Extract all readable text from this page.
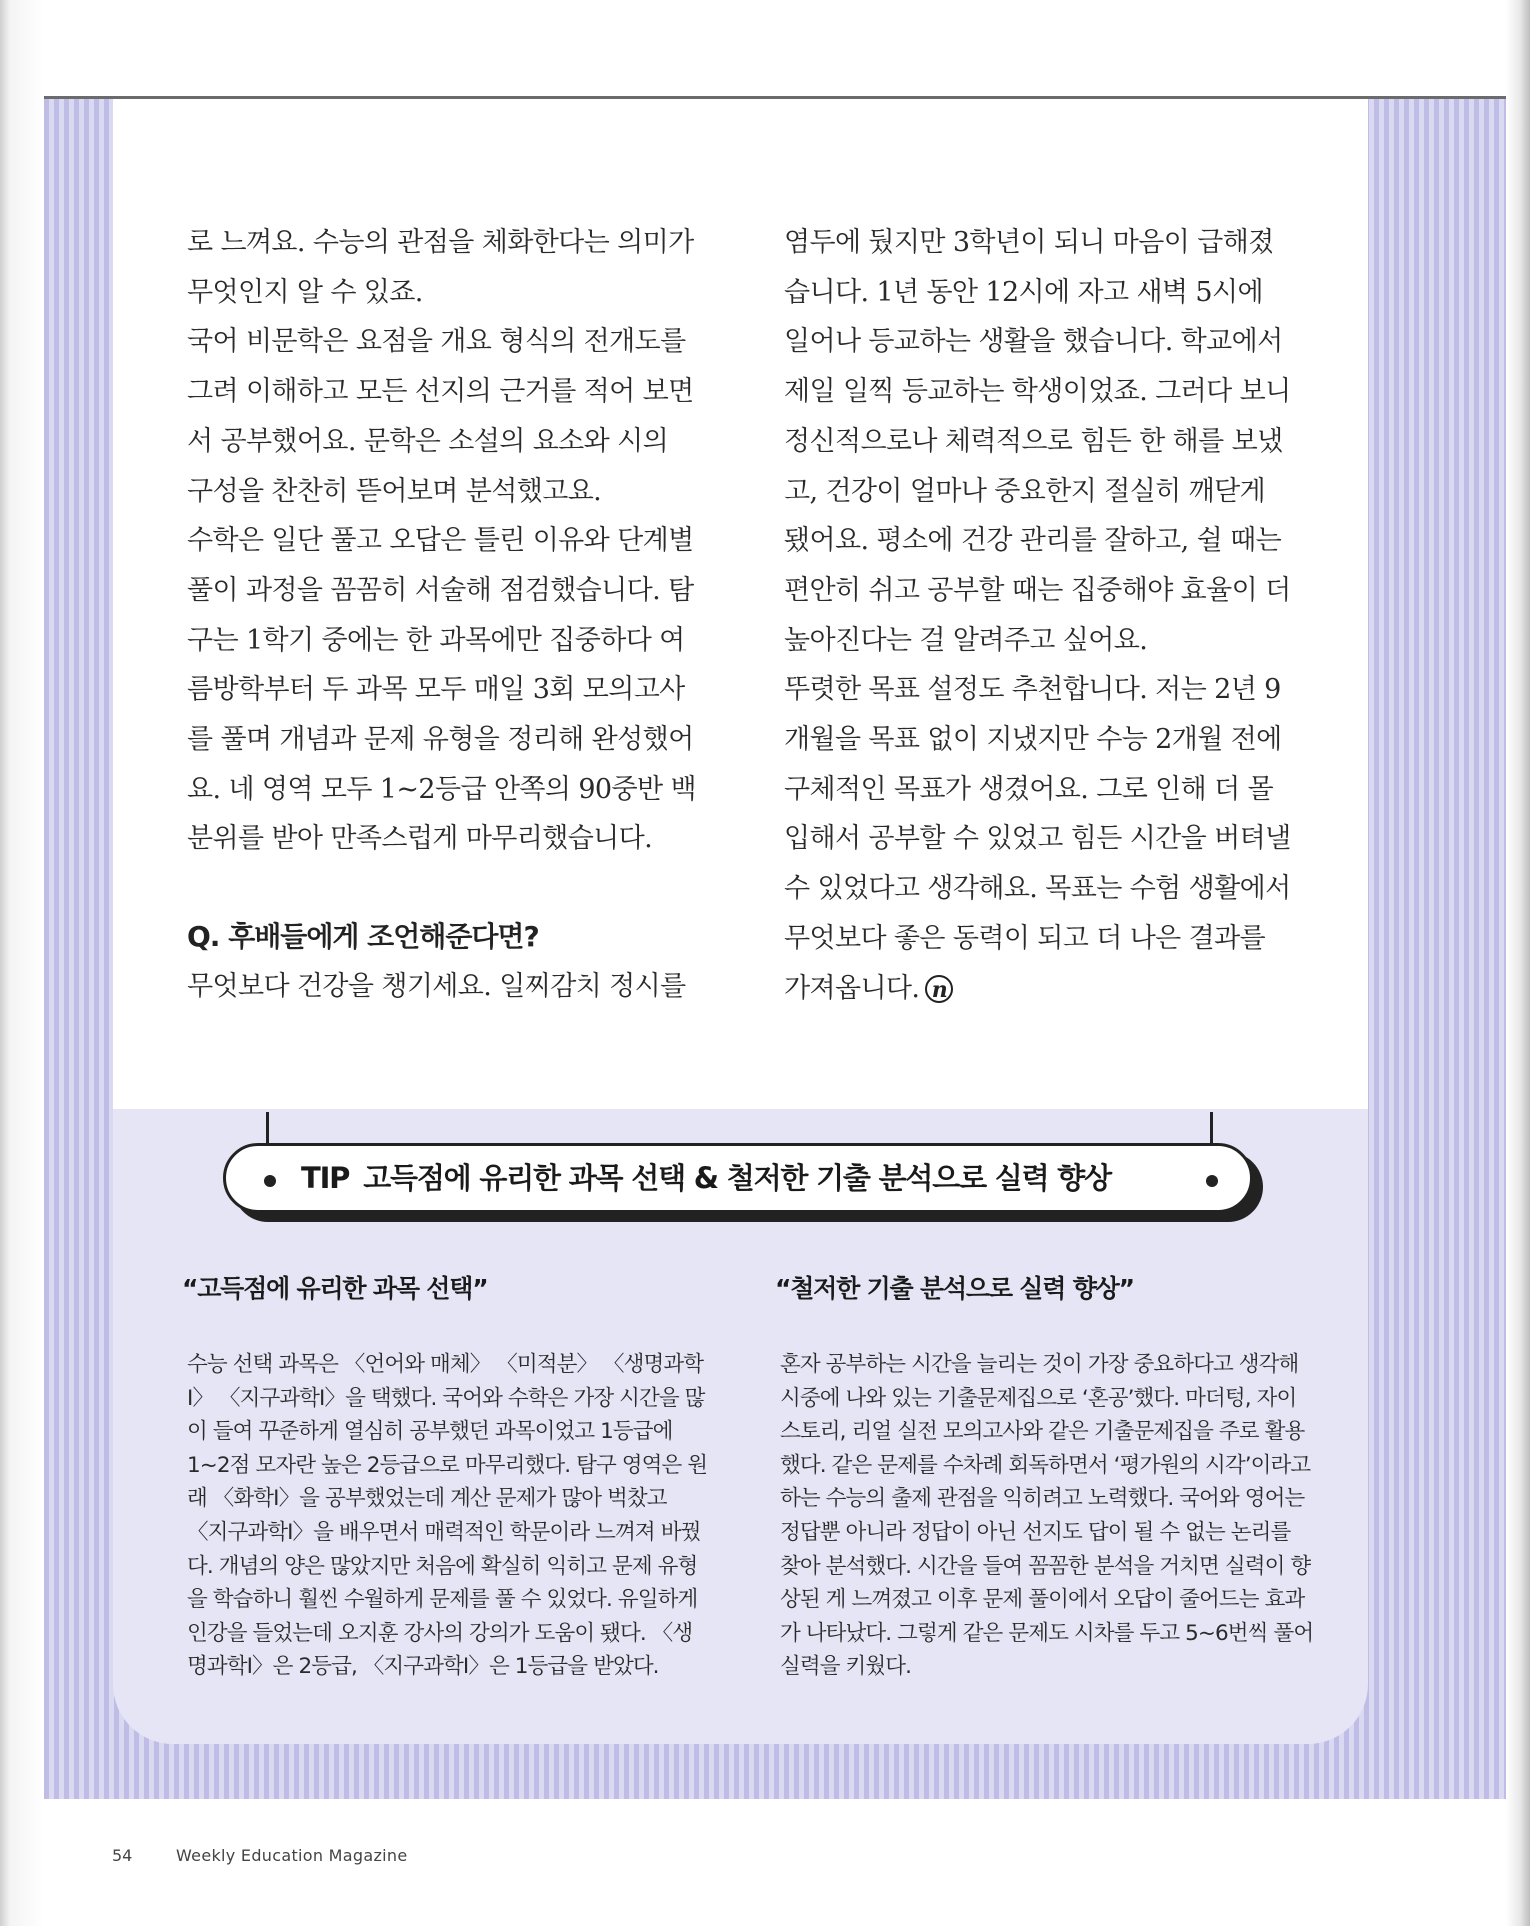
로 느껴요. 수능의 관점을 체화한다는 의미가 무엇인지 알 수 있죠.

국어 비문학은 요점을 개요 형식의 전개도를 그려 이해하고 모든 선지의 근거를 적어 보면서 공부했어요. 문학은 소설의 요소와 시의 구성을 찬찬히 뜯어보며 분석했고요.

수학은 일단 풀고 오답은 틀린 이유와 단계별 풀이 과정을 꼼꼼히 서술해 점검했습니다. 탐구는 1학기 중에는 한 과목에만 집중하다 여름방학부터 두 과목 모두 매일 3회 모의고사를 풀며 개념과 문제 유형을 정리해 완성했어요. 네 영역 모두 1~2등급 안쪽의 90중반 백분위를 받아 만족스럽게 마무리했습니다.

Q. 후배들에게 조언해준다면?

무엇보다 건강을 챙기세요. 일찌감치 정시를

염두에 뒀지만 3학년이 되니 마음이 급해졌습니다. 1년 동안 12시에 자고 새벽 5시에 일어나 등교하는 생활을 했습니다. 학교에서 제일 일찍 등교하는 학생이었죠. 그러다 보니 정신적으로나 체력적으로 힘든 한 해를 보냈고, 건강이 얼마나 중요한지 절실히 깨닫게 됐어요. 평소에 건강 관리를 잘하고, 쉴 때는 편안히 쉬고 공부할 때는 집중해야 효율이 더 높아진다는 걸 알려주고 싶어요.

뚜렷한 목표 설정도 추천합니다. 저는 2년 9개월을 목표 없이 지냈지만 수능 2개월 전에 구체적인 목표가 생겼어요. 그로 인해 더 몰입해서 공부할 수 있었고 힘든 시간을 버텨낼 수 있었다고 생각해요. 목표는 수험 생활에서 무엇보다 좋은 동력이 되고 더 나은 결과를 가져옵니다. n

TIP 고득점에 유리한 과목 선택 & 철저한 기출 분석으로 실력 향상
“고득점에 유리한 과목 선택”
수능 선택 과목은 〈언어와 매체〉 〈미적분〉 〈생명과학Ⅰ〉 〈지구과학Ⅰ〉을 택했다. 국어와 수학은 가장 시간을 많이 들여 꾸준하게 열심히 공부했던 과목이었고 1등급에 1~2점 모자란 높은 2등급으로 마무리했다. 탐구 영역은 원래 〈화학Ⅰ〉을 공부했었는데 계산 문제가 많아 벅찼고 〈지구과학Ⅰ〉을 배우면서 매력적인 학문이라 느껴져 바꿨다. 개념의 양은 많았지만 처음에 확실히 익히고 문제 유형을 학습하니 훨씬 수월하게 문제를 풀 수 있었다. 유일하게 인강을 들었는데 오지훈 강사의 강의가 도움이 됐다. 〈생명과학Ⅰ〉은 2등급, 〈지구과학Ⅰ〉은 1등급을 받았다.
“철저한 기출 분석으로 실력 향상”
혼자 공부하는 시간을 늘리는 것이 가장 중요하다고 생각해 시중에 나와 있는 기출문제집으로 ‘혼공’했다. 마더텅, 자이스토리, 리얼 실전 모의고사와 같은 기출문제집을 주로 활용했다. 같은 문제를 수차례 회독하면서 ‘평가원의 시각’이라고 하는 수능의 출제 관점을 익히려고 노력했다. 국어와 영어는 정답뿐 아니라 정답이 아닌 선지도 답이 될 수 없는 논리를 찾아 분석했다. 시간을 들여 꼼꼼한 분석을 거치면 실력이 향상된 게 느껴졌고 이후 문제 풀이에서 오답이 줄어드는 효과가 나타났다. 그렇게 같은 문제도 시차를 두고 5~6번씩 풀어 실력을 키웠다.
54	Weekly Education Magazine
